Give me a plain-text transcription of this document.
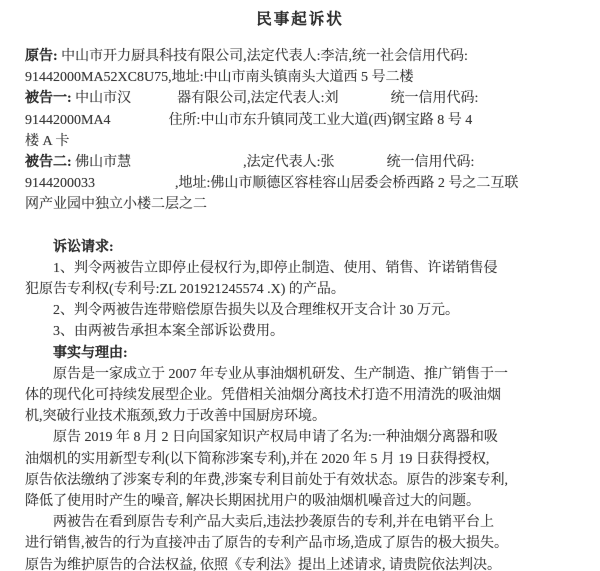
民事起诉状
原告: 中山市开力厨具科技有限公司,法定代表人:李洁,统一社会信用代码:
91442000MA52XC8U75,地址:中山市南头镇南头大道西 5 号二楼
被告一: 中山市汉	器有限公司,法定代表人:刘	统一信用代码:
91442000MA4	住所:中山市东升镇同茂工业大道(西)钢宝路 8 号 4
楼 A 卡
被告二: 佛山市慧	,法定代表人:张	统一信用代码:
9144200033	,地址:佛山市顺德区容桂容山居委会桥西路 2 号之二互联
网产业园中独立小楼二层之二
诉讼请求:
1、判令两被告立即停止侵权行为,即停止制造、使用、销售、许诺销售侵
犯原告专利权(专利号:ZL 201921245574 .X) 的产品。
2、判令两被告连带赔偿原告损失以及合理维权开支合计 30 万元。
3、由两被告承担本案全部诉讼费用。
事实与理由:
原告是一家成立于 2007 年专业从事油烟机研发、生产制造、推广销售于一
体的现代化可持续发展型企业。凭借相关油烟分离技术打造不用清洗的吸油烟
机,突破行业技术瓶颈,致力于改善中国厨房环境。
原告 2019 年 8 月 2 日向国家知识产权局申请了名为:一种油烟分离器和吸
油烟机的实用新型专利(以下简称涉案专利),并在 2020 年 5 月 19 日获得授权,
原告依法缴纳了涉案专利的年费,涉案专利目前处于有效状态。原告的涉案专利,
降低了使用时产生的噪音, 解决长期困扰用户的吸油烟机噪音过大的问题。
两被告在看到原告专利产品大卖后,违法抄袭原告的专利,并在电销平台上
进行销售,被告的行为直接冲击了原告的专利产品市场,造成了原告的极大损失。
原告为维护原告的合法权益, 依照《专利法》提出上述请求, 请贵院依法判决。
